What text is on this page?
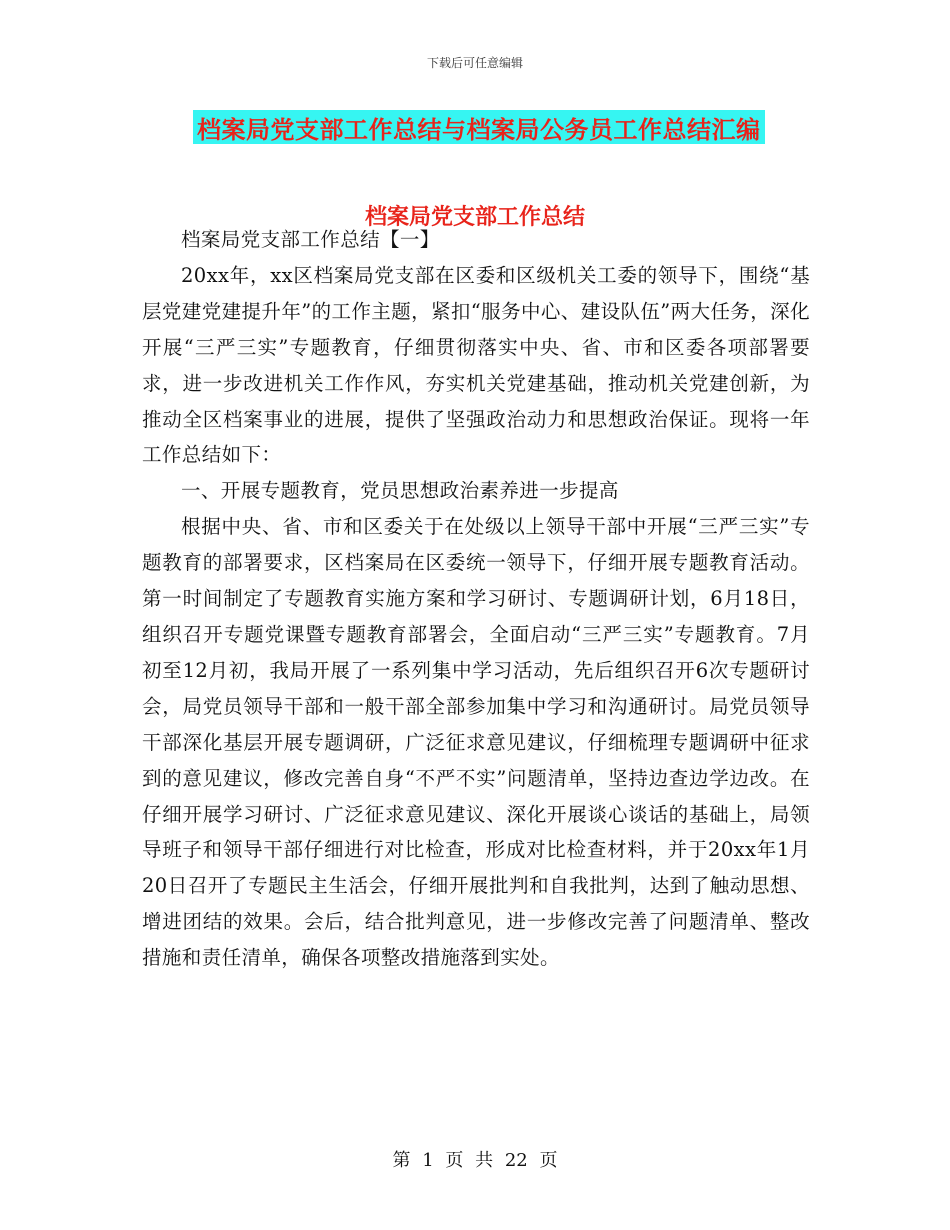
下载后可任意编辑
档案局党支部工作总结与档案局公务员工作总结汇编
档案局党支部工作总结

档案局党支部工作总结【一】

20xx年，xx区档案局党支部在区委和区级机关工委的领导下，围绕“基层党建党建提升年”的工作主题，紧扣“服务中心、建设队伍”两大任务，深化开展“三严三实”专题教育，仔细贯彻落实中央、省、市和区委各项部署要求，进一步改进机关工作作风，夯实机关党建基础，推动机关党建创新，为推动全区档案事业的进展，提供了坚强政治动力和思想政治保证。现将一年工作总结如下：

一、开展专题教育，党员思想政治素养进一步提高

根据中央、省、市和区委关于在处级以上领导干部中开展“三严三实”专题教育的部署要求，区档案局在区委统一领导下，仔细开展专题教育活动。第一时间制定了专题教育实施方案和学习研讨、专题调研计划，6月18日，组织召开专题党课暨专题教育部署会，全面启动“三严三实”专题教育。7月初至12月初，我局开展了一系列集中学习活动，先后组织召开6次专题研讨会，局党员领导干部和一般干部全部参加集中学习和沟通研讨。局党员领导干部深化基层开展专题调研，广泛征求意见建议，仔细梳理专题调研中征求到的意见建议，修改完善自身“不严不实”问题清单，坚持边查边学边改。在仔细开展学习研讨、广泛征求意见建议、深化开展谈心谈话的基础上，局领导班子和领导干部仔细进行对比检查，形成对比检查材料，并于20xx年1月20日召开了专题民主生活会，仔细开展批判和自我批判，达到了触动思想、增进团结的效果。会后，结合批判意见，进一步修改完善了问题清单、整改措施和责任清单，确保各项整改措施落到实处。

第 1 页 共 22 页
